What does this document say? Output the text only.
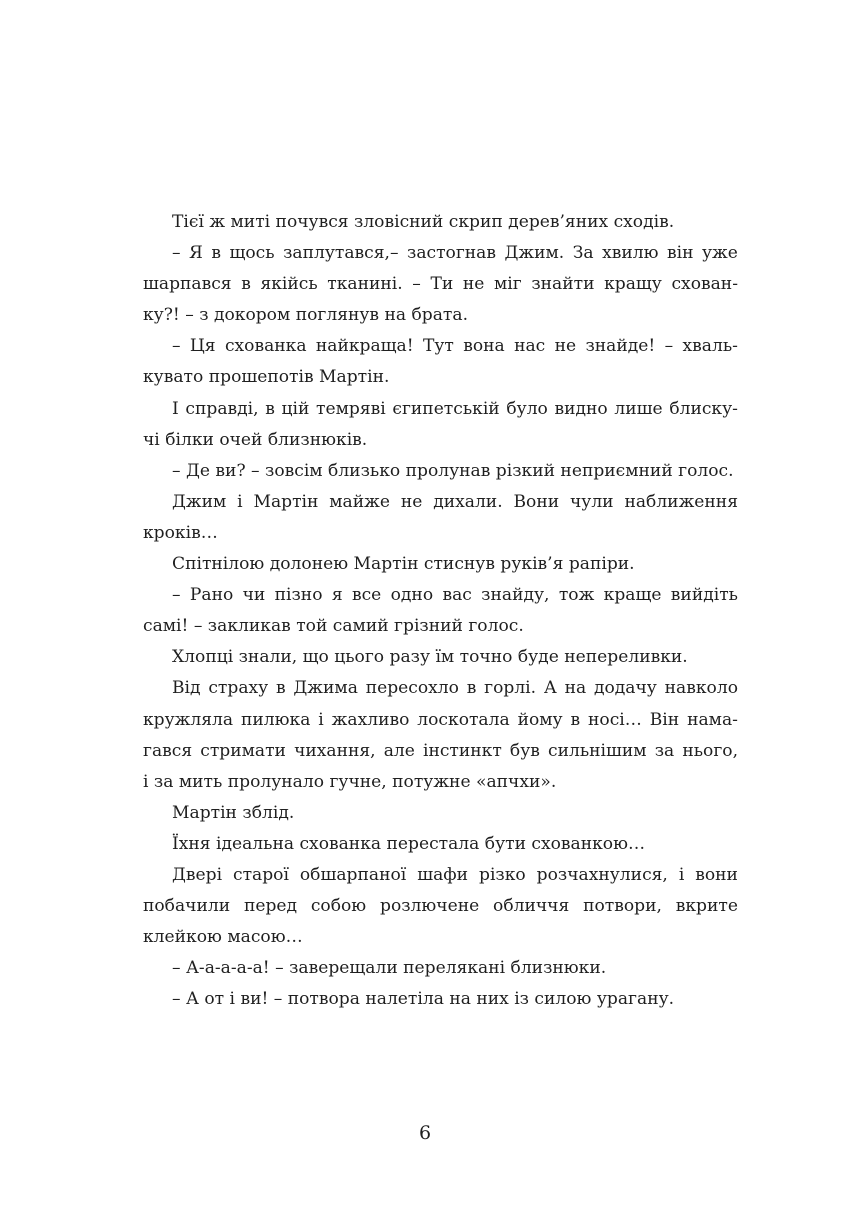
Тієї ж миті почувся зловісний скрип дерев’яних сходів.
– Я в щось заплутався,– застогнав Джим. За хвилю він уже
шарпався в якійсь тканині. – Ти не міг знайти кращу схован-
ку?! – з докором поглянув на брата.
– Ця схованка найкраща! Тут вона нас не знайде! – хваль-
кувато прошепотів Мартін.
І справді, в цій темряві єгипетській було видно лише блиску-
чі білки очей близнюків.
– Де ви? – зовсім близько пролунав різкий неприємний голос.
Джим і Мартін майже не дихали. Вони чули наближення
кроків…
Спітнілою долонею Мартін стиснув руків’я рапіри.
– Рано чи пізно я все одно вас знайду, тож краще вийдіть
самі! – закликав той самий грізний голос.
Хлопці знали, що цього разу їм точно буде непереливки.
Від страху в Джима пересохло в горлі. А на додачу навколо
кружляла пилюка і жахливо лоскотала йому в носі… Він нама-
гався стримати чихання, але інстинкт був сильнішим за нього,
і за мить пролунало гучне, потужне «апчхи».
Мартін зблід.
Їхня ідеальна схованка перестала бути схованкою…
Двері старої обшарпаної шафи різко розчахнулися, і вони
побачили перед собою розлючене обличчя потвори, вкрите
клейкою масою…
– А-а-а-а-а! – заверещали перелякані близнюки.
– А от і ви! – потвора налетіла на них із силою урагану.
6
